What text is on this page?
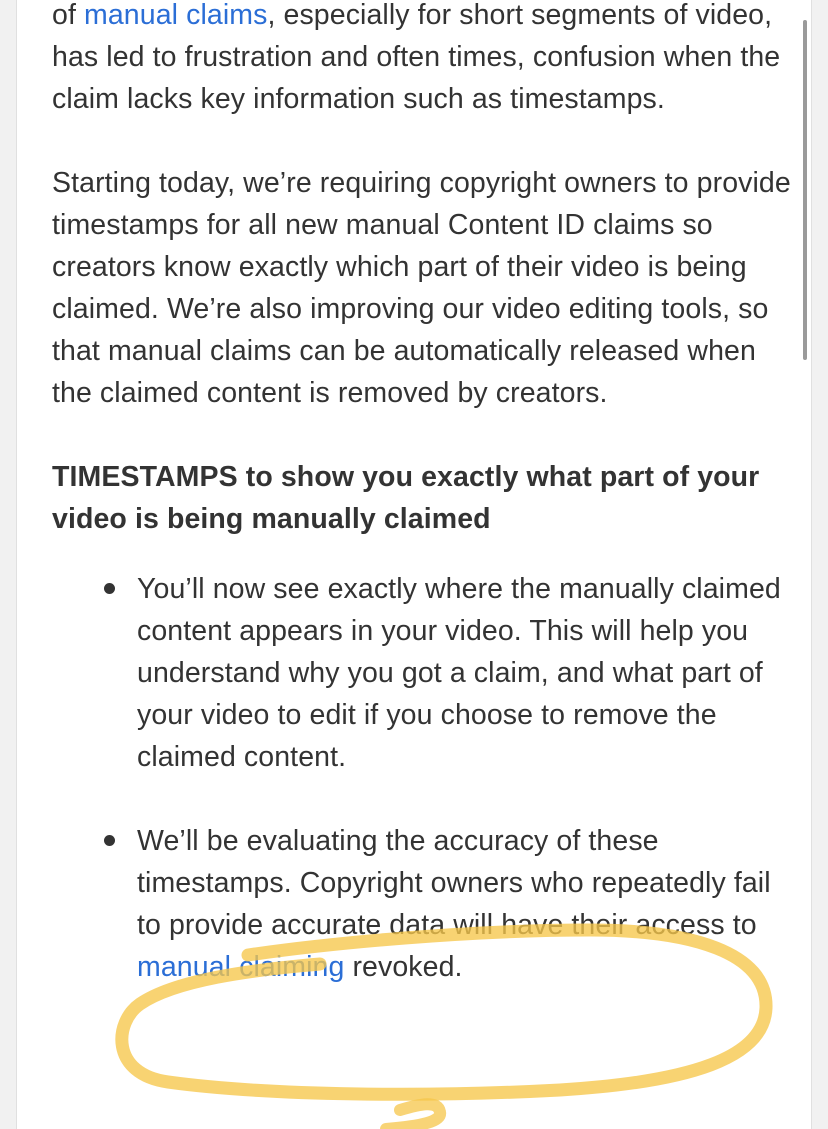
of manual claims, especially for short segments of video, has led to frustration and often times, confusion when the claim lacks key information such as timestamps.

Starting today, we’re requiring copyright owners to provide timestamps for all new manual Content ID claims so creators know exactly which part of their video is being claimed. We’re also improving our video editing tools, so that manual claims can be automatically released when the claimed content is removed by creators.

TIMESTAMPS to show you exactly what part of your video is being manually claimed
You’ll now see exactly where the manually claimed content appears in your video. This will help you understand why you got a claim, and what part of your video to edit if you choose to remove the claimed content.
We’ll be evaluating the accuracy of these timestamps. Copyright owners who repeatedly fail to provide accurate data will have their access to manual claiming revoked.
